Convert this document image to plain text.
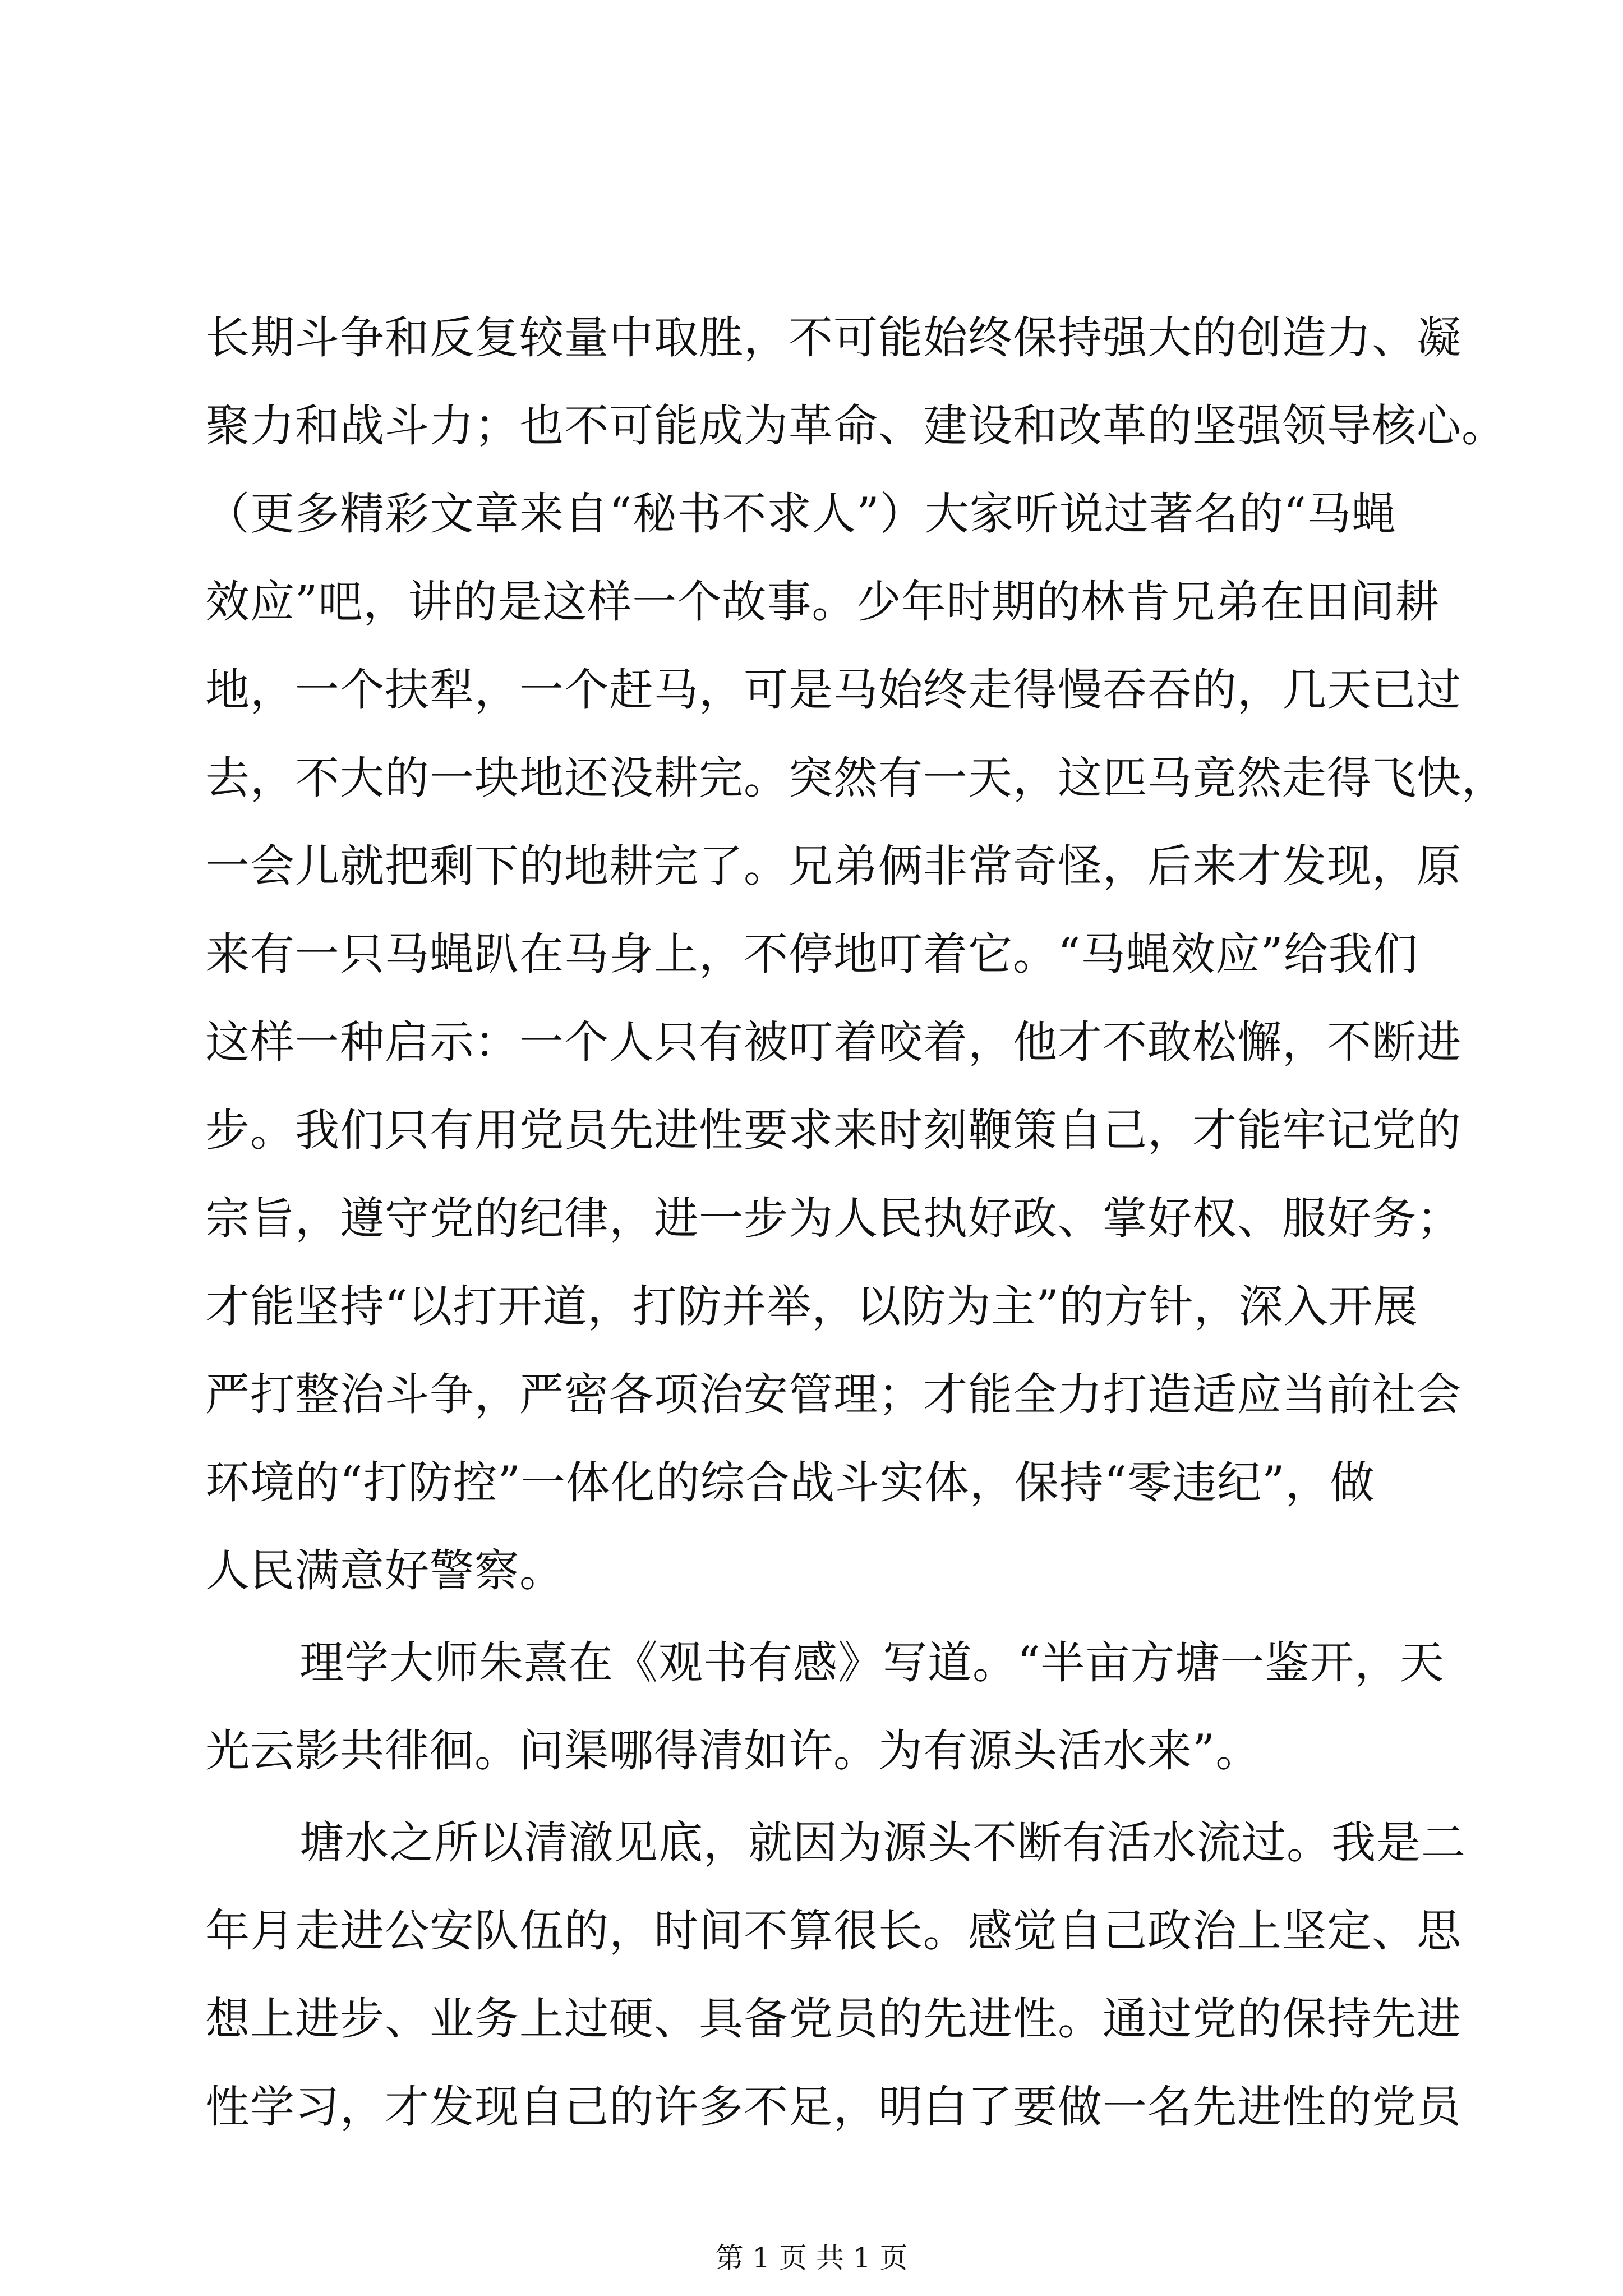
长期斗争和反复较量中取胜，不可能始终保持强大的创造力、凝
聚力和战斗力；也不可能成为革命、建设和改革的坚强领导核心。
（更多精彩文章来自“秘书不求人”）大家听说过著名的“马蝇
效应”吧，讲的是这样一个故事。少年时期的林肯兄弟在田间耕
地，一个扶犁，一个赶马，可是马始终走得慢吞吞的，几天已过
去，不大的一块地还没耕完。突然有一天，这匹马竟然走得飞快，
一会儿就把剩下的地耕完了。兄弟俩非常奇怪，后来才发现，原
来有一只马蝇趴在马身上，不停地叮着它。“马蝇效应”给我们
这样一种启示：一个人只有被叮着咬着，他才不敢松懈，不断进
步。我们只有用党员先进性要求来时刻鞭策自己，才能牢记党的
宗旨，遵守党的纪律，进一步为人民执好政、掌好权、服好务；
才能坚持“以打开道，打防并举，以防为主”的方针，深入开展
严打整治斗争，严密各项治安管理；才能全力打造适应当前社会
环境的“打防控”一体化的综合战斗实体，保持“零违纪”，做
人民满意好警察。
理学大师朱熹在《观书有感》写道。“半亩方塘一鉴开，天
光云影共徘徊。问渠哪得清如许。为有源头活水来”。
塘水之所以清澈见底，就因为源头不断有活水流过。我是二
年月走进公安队伍的，时间不算很长。感觉自己政治上坚定、思
想上进步、业务上过硬、具备党员的先进性。通过党的保持先进
性学习，才发现自己的许多不足，明白了要做一名先进性的党员
第 1 页 共 1 页
